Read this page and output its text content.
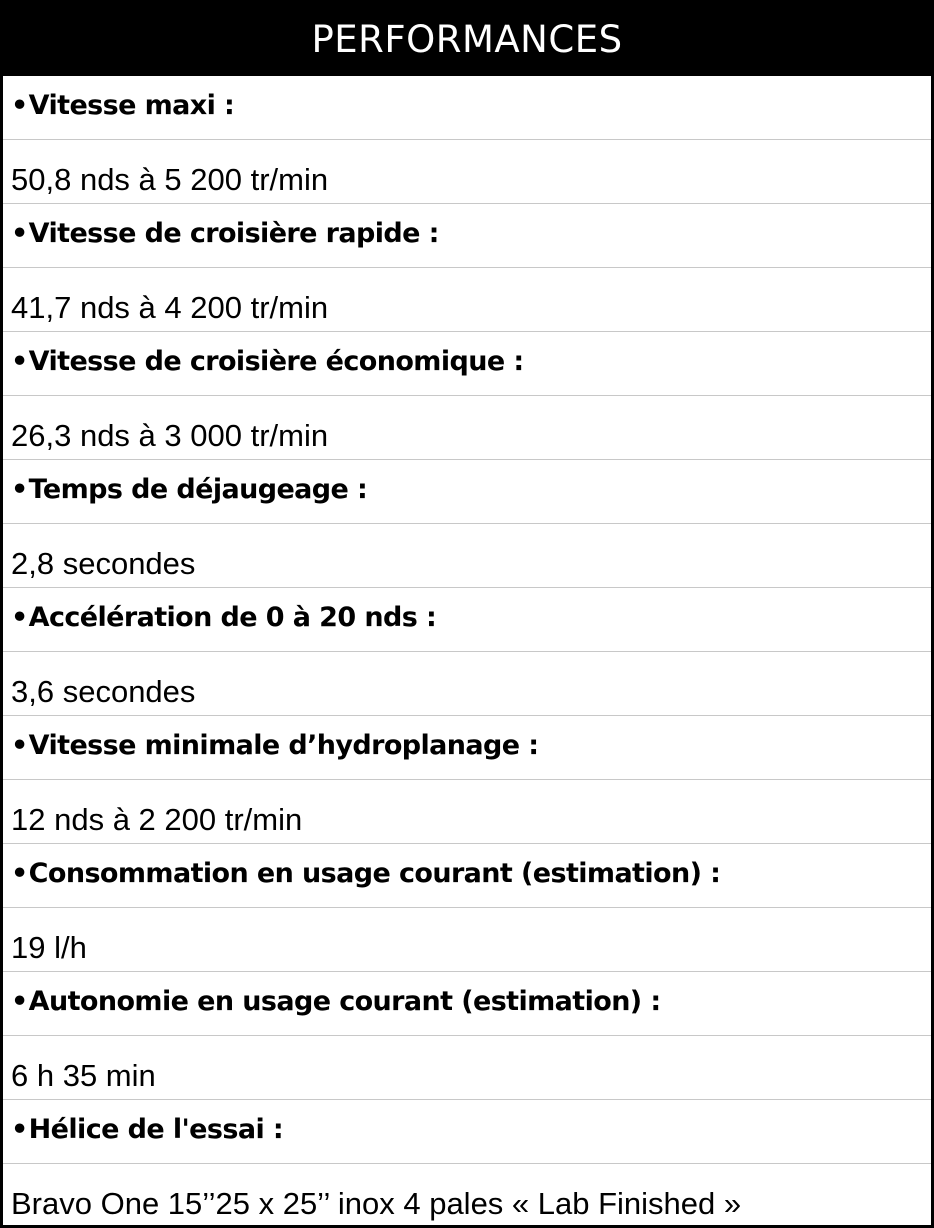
PERFORMANCES
• Vitesse maxi :
50,8 nds à 5 200 tr/min
• Vitesse de croisière rapide :
41,7 nds à 4 200 tr/min
• Vitesse de croisière économique :
26,3 nds à 3 000 tr/min
• Temps de déjaugeage :
2,8 secondes
• Accélération de 0 à 20 nds :
3,6 secondes
• Vitesse minimale d’hydroplanage :
12 nds à 2 200 tr/min
• Consommation en usage courant (estimation) :
19 l/h
• Autonomie en usage courant (estimation) :
6 h 35 min
• Hélice de l'essai :
Bravo One 15’’25 x 25’’ inox 4 pales « Lab Finished »
